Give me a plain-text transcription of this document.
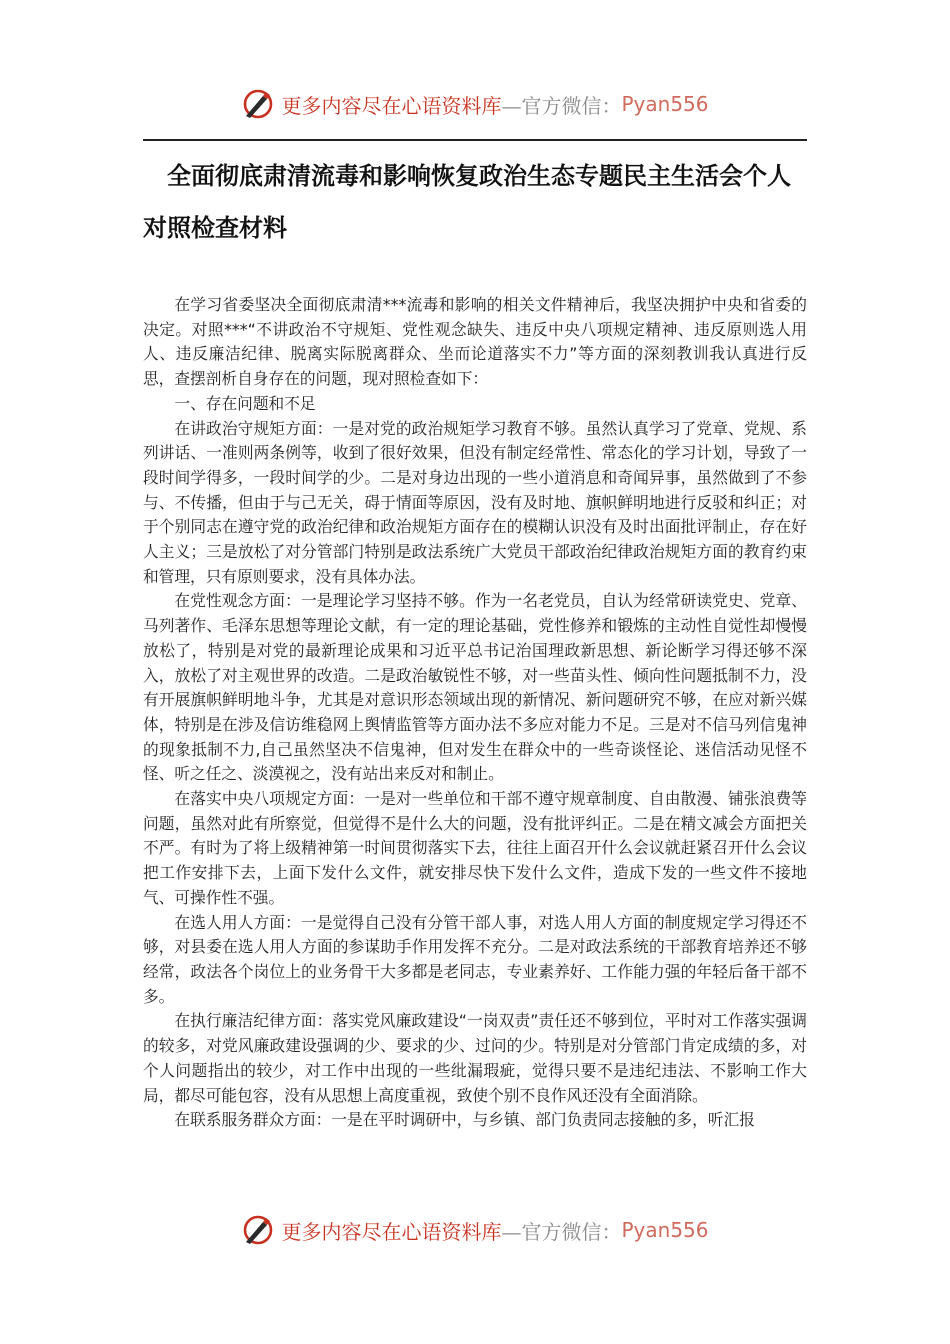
更多内容尽在心语资料库 —官方微信： Pyan556
全面彻底肃清流毒和影响恢复政治生态专题民主生活会个人对照检查材料

在学习省委坚决全面彻底肃清***流毒和影响的相关文件精神后，我坚决拥护中央和省委的决定。对照***“不讲政治不守规矩、党性观念缺失、违反中央八项规定精神、违反原则选人用人、违反廉洁纪律、脱离实际脱离群众、坐而论道落实不力”等方面的深刻教训我认真进行反思，查摆剖析自身存在的问题，现对照检查如下：

一、存在问题和不足

在讲政治守规矩方面：一是对党的政治规矩学习教育不够。虽然认真学习了党章、党规、系列讲话、一准则两条例等，收到了很好效果，但没有制定经常性、常态化的学习计划，导致了一段时间学得多，一段时间学的少。二是对身边出现的一些小道消息和奇闻异事，虽然做到了不参与、不传播，但由于与己无关，碍于情面等原因，没有及时地、旗帜鲜明地进行反驳和纠正；对于个别同志在遵守党的政治纪律和政治规矩方面存在的模糊认识没有及时出面批评制止，存在好人主义；三是放松了对分管部门特别是政法系统广大党员干部政治纪律政治规矩方面的教育约束和管理，只有原则要求，没有具体办法。

在党性观念方面：一是理论学习坚持不够。作为一名老党员，自认为经常研读党史、党章、马列著作、毛泽东思想等理论文献，有一定的理论基础，党性修养和锻炼的主动性自觉性却慢慢放松了，特别是对党的最新理论成果和习近平总书记治国理政新思想、新论断学习得还够不深入，放松了对主观世界的改造。二是政治敏锐性不够，对一些苗头性、倾向性问题抵制不力，没有开展旗帜鲜明地斗争，尤其是对意识形态领域出现的新情况、新问题研究不够，在应对新兴媒体，特别是在涉及信访维稳网上舆情监管等方面办法不多应对能力不足。三是对不信马列信鬼神的现象抵制不力,自己虽然坚决不信鬼神，但对发生在群众中的一些奇谈怪论、迷信活动见怪不怪、听之任之、淡漠视之，没有站出来反对和制止。

在落实中央八项规定方面：一是对一些单位和干部不遵守规章制度、自由散漫、铺张浪费等问题，虽然对此有所察觉，但觉得不是什么大的问题，没有批评纠正。二是在精文减会方面把关不严。有时为了将上级精神第一时间贯彻落实下去，往往上面召开什么会议就赶紧召开什么会议把工作安排下去，上面下发什么文件，就安排尽快下发什么文件，造成下发的一些文件不接地气、可操作性不强。

在选人用人方面：一是觉得自己没有分管干部人事，对选人用人方面的制度规定学习得还不够，对县委在选人用人方面的参谋助手作用发挥不充分。二是对政法系统的干部教育培养还不够经常，政法各个岗位上的业务骨干大多都是老同志，专业素养好、工作能力强的年轻后备干部不多。

在执行廉洁纪律方面：落实党风廉政建设“一岗双责”责任还不够到位，平时对工作落实强调的较多，对党风廉政建设强调的少、要求的少、过问的少。特别是对分管部门肯定成绩的多，对个人问题指出的较少，对工作中出现的一些纰漏瑕疵，觉得只要不是违纪违法、不影响工作大局，都尽可能包容，没有从思想上高度重视，致使个别不良作风还没有全面消除。

在联系服务群众方面：一是在平时调研中，与乡镇、部门负责同志接触的多，听汇报

更多内容尽在心语资料库 —官方微信： Pyan556
